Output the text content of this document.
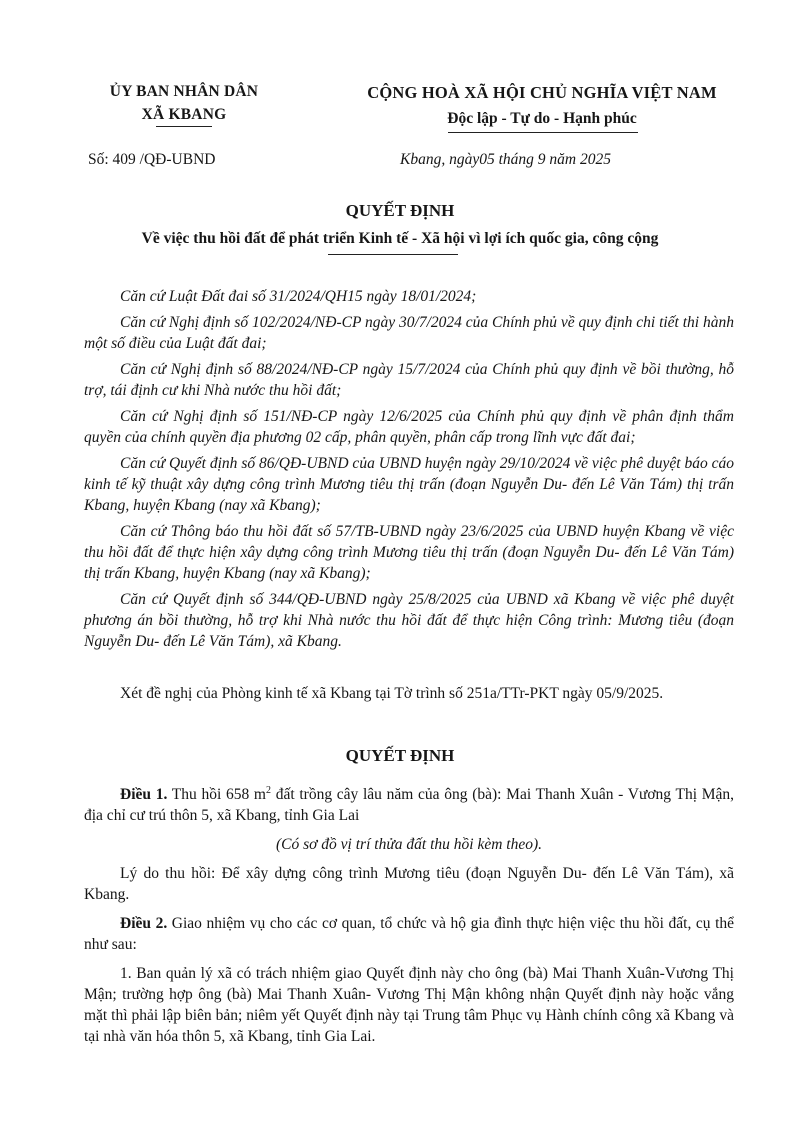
ỦY BAN NHÂN DÂN
XÃ KBANG
CỘNG HOÀ XÃ HỘI CHỦ NGHĨA VIỆT NAM
Độc lập - Tự do - Hạnh phúc
Số: 409 /QĐ-UBND	Kbang, ngày05 tháng 9 năm 2025
QUYẾT ĐỊNH
Về việc thu hồi đất để phát triển Kinh tế - Xã hội vì lợi ích quốc gia, công cộng

Căn cứ Luật Đất đai số 31/2024/QH15 ngày 18/01/2024;

Căn cứ Nghị định số 102/2024/NĐ-CP ngày 30/7/2024 của Chính phủ về quy định chi tiết thi hành một số điều của Luật đất đai;

Căn cứ Nghị định số 88/2024/NĐ-CP ngày 15/7/2024 của Chính phủ quy định về bồi thường, hỗ trợ, tái định cư khi Nhà nước thu hồi đất;

Căn cứ Nghị định số 151/NĐ-CP ngày 12/6/2025 của Chính phủ quy định về phân định thẩm quyền của chính quyền địa phương 02 cấp, phân quyền, phân cấp trong lĩnh vực đất đai;

Căn cứ Quyết định số 86/QĐ-UBND của UBND huyện ngày 29/10/2024 về việc phê duyệt báo cáo kinh tế kỹ thuật xây dựng công trình Mương tiêu thị trấn (đoạn Nguyễn Du- đến Lê Văn Tám) thị trấn Kbang, huyện Kbang (nay xã Kbang);

Căn cứ Thông báo thu hồi đất số 57/TB-UBND ngày 23/6/2025 của UBND huyện Kbang về việc thu hồi đất để thực hiện xây dựng công trình Mương tiêu thị trấn (đoạn Nguyễn Du- đến Lê Văn Tám) thị trấn Kbang, huyện Kbang (nay xã Kbang);

Căn cứ Quyết định số 344/QĐ-UBND ngày 25/8/2025 của UBND xã Kbang về việc phê duyệt phương án bồi thường, hỗ trợ khi Nhà nước thu hồi đất để thực hiện Công trình: Mương tiêu (đoạn Nguyễn Du- đến Lê Văn Tám), xã Kbang.

Xét đề nghị của Phòng kinh tế xã Kbang tại Tờ trình số 251a/TTr-PKT ngày 05/9/2025.
QUYẾT ĐỊNH

Điều 1. Thu hồi 658 $m^2$ đất trồng cây lâu năm của ông (bà): Mai Thanh Xuân - Vương Thị Mận, địa chỉ cư trú thôn 5, xã Kbang, tỉnh Gia Lai

(Có sơ đồ vị trí thửa đất thu hồi kèm theo).

Lý do thu hồi: Để xây dựng công trình Mương tiêu (đoạn Nguyễn Du- đến Lê Văn Tám), xã Kbang.

Điều 2. Giao nhiệm vụ cho các cơ quan, tổ chức và hộ gia đình thực hiện việc thu hồi đất, cụ thể như sau:

1. Ban quản lý xã có trách nhiệm giao Quyết định này cho ông (bà) Mai Thanh Xuân-Vương Thị Mận; trường hợp ông (bà) Mai Thanh Xuân- Vương Thị Mận không nhận Quyết định này hoặc vắng mặt thì phải lập biên bản; niêm yết Quyết định này tại Trung tâm Phục vụ Hành chính công xã Kbang và tại nhà văn hóa thôn 5, xã Kbang, tỉnh Gia Lai.
